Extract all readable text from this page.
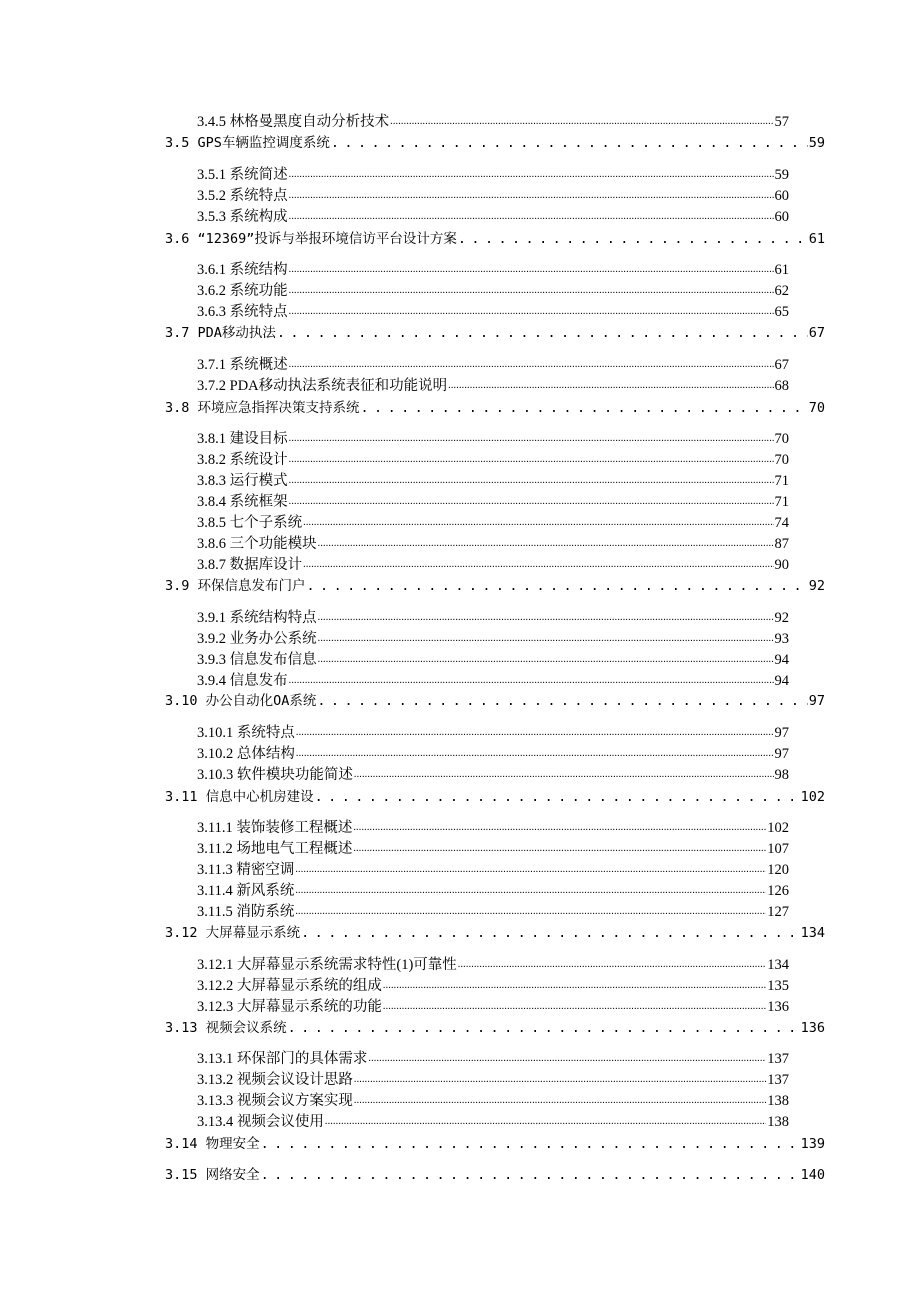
3.4.5 林格曼黑度自动分析技术 .....	57
3.5 GPS车辆监控调度系统 .....	59
3.5.1 系统简述 .....	59
3.5.2 系统特点 .....	60
3.5.3 系统构成 .....	60
3.6 “12369”投诉与举报环境信访平台设计方案 .....	61
3.6.1 系统结构 .....	61
3.6.2 系统功能 .....	62
3.6.3 系统特点 .....	65
3.7 PDA移动执法 .....	67
3.7.1 系统概述 .....	67
3.7.2 PDA移动执法系统表征和功能说明 .....	68
3.8 环境应急指挥决策支持系统 .....	70
3.8.1 建设目标 .....	70
3.8.2 系统设计 .....	70
3.8.3 运行模式 .....	71
3.8.4 系统框架 .....	71
3.8.5 七个子系统 .....	74
3.8.6 三个功能模块 .....	87
3.8.7 数据库设计 .....	90
3.9 环保信息发布门户 .....	92
3.9.1 系统结构特点 .....	92
3.9.2 业务办公系统 .....	93
3.9.3 信息发布信息 .....	94
3.9.4 信息发布 .....	94
3.10 办公自动化OA系统 .....	97
3.10.1 系统特点 .....	97
3.10.2 总体结构 .....	97
3.10.3 软件模块功能简述 .....	98
3.11 信息中心机房建设 .....	102
3.11.1 装饰装修工程概述 .....	102
3.11.2 场地电气工程概述 .....	107
3.11.3 精密空调 .....	120
3.11.4 新风系统 .....	126
3.11.5 消防系统 .....	127
3.12 大屏幕显示系统 .....	134
3.12.1 大屏幕显示系统需求特性(1)可靠性 .....	134
3.12.2 大屏幕显示系统的组成 .....	135
3.12.3 大屏幕显示系统的功能 .....	136
3.13 视频会议系统 .....	136
3.13.1 环保部门的具体需求 .....	137
3.13.2 视频会议设计思路 .....	137
3.13.3 视频会议方案实现 .....	138
3.13.4 视频会议使用 .....	138
3.14 物理安全 .....	139
3.15 网络安全 .....	140
